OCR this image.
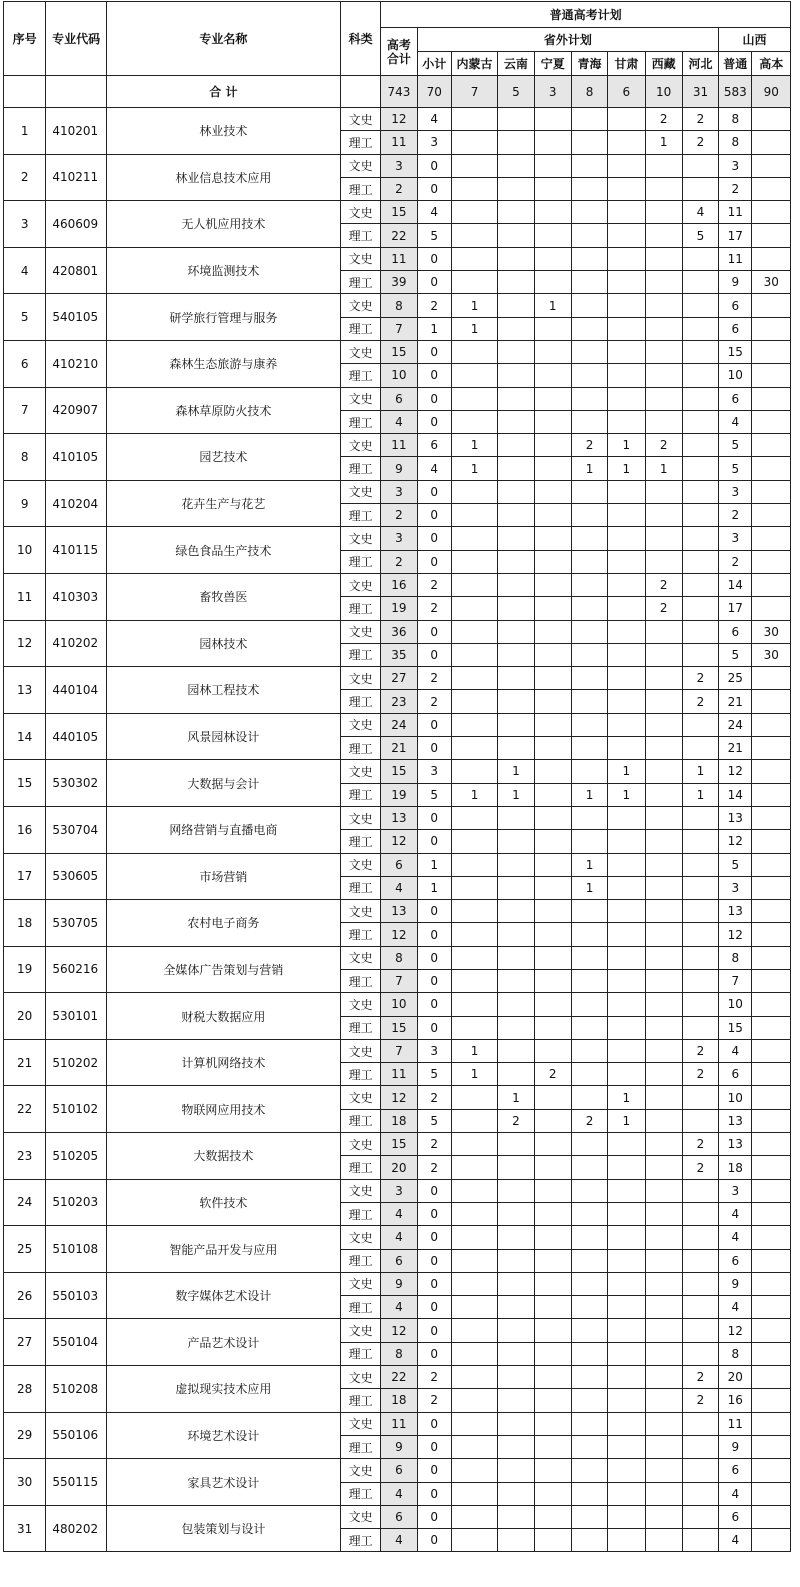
序号	专业代码	专业名称	科类	普通高考计划										
				高考合计	省外计划								山西	
					小计	内蒙古	云南	宁夏	青海	甘肃	西藏	河北	普通	高本
		合 计		743	70	7	5	3	8	6	10	31	583	90
1	410201	林业技术	文史	12	4						2	2	8	
			理工	11	3						1	2	8	
2	410211	林业信息技术应用	文史	3	0								3	
			理工	2	0								2	
3	460609	无人机应用技术	文史	15	4							4	11	
			理工	22	5							5	17	
4	420801	环境监测技术	文史	11	0								11	
			理工	39	0								9	30
5	540105	研学旅行管理与服务	文史	8	2	1		1					6	
			理工	7	1	1							6	
6	410210	森林生态旅游与康养	文史	15	0								15	
			理工	10	0								10	
7	420907	森林草原防火技术	文史	6	0								6	
			理工	4	0								4	
8	410105	园艺技术	文史	11	6	1			2	1	2		5	
			理工	9	4	1			1	1	1		5	
9	410204	花卉生产与花艺	文史	3	0								3	
			理工	2	0								2	
10	410115	绿色食品生产技术	文史	3	0								3	
			理工	2	0								2	
11	410303	畜牧兽医	文史	16	2						2		14	
			理工	19	2						2		17	
12	410202	园林技术	文史	36	0								6	30
			理工	35	0								5	30
13	440104	园林工程技术	文史	27	2							2	25	
			理工	23	2							2	21	
14	440105	风景园林设计	文史	24	0								24	
			理工	21	0								21	
15	530302	大数据与会计	文史	15	3		1			1		1	12	
			理工	19	5	1	1		1	1		1	14	
16	530704	网络营销与直播电商	文史	13	0								13	
			理工	12	0								12	
17	530605	市场营销	文史	6	1				1				5	
			理工	4	1				1				3	
18	530705	农村电子商务	文史	13	0								13	
			理工	12	0								12	
19	560216	全媒体广告策划与营销	文史	8	0								8	
			理工	7	0								7	
20	530101	财税大数据应用	文史	10	0								10	
			理工	15	0								15	
21	510202	计算机网络技术	文史	7	3	1						2	4	
			理工	11	5	1		2				2	6	
22	510102	物联网应用技术	文史	12	2		1			1			10	
			理工	18	5		2		2	1			13	
23	510205	大数据技术	文史	15	2							2	13	
			理工	20	2							2	18	
24	510203	软件技术	文史	3	0								3	
			理工	4	0								4	
25	510108	智能产品开发与应用	文史	4	0								4	
			理工	6	0								6	
26	550103	数字媒体艺术设计	文史	9	0								9	
			理工	4	0								4	
27	550104	产品艺术设计	文史	12	0								12	
			理工	8	0								8	
28	510208	虚拟现实技术应用	文史	22	2							2	20	
			理工	18	2							2	16	
29	550106	环境艺术设计	文史	11	0								11	
			理工	9	0								9	
30	550115	家具艺术设计	文史	6	0								6	
			理工	4	0								4	
31	480202	包装策划与设计	文史	6	0								6	
			理工	4	0								4	
